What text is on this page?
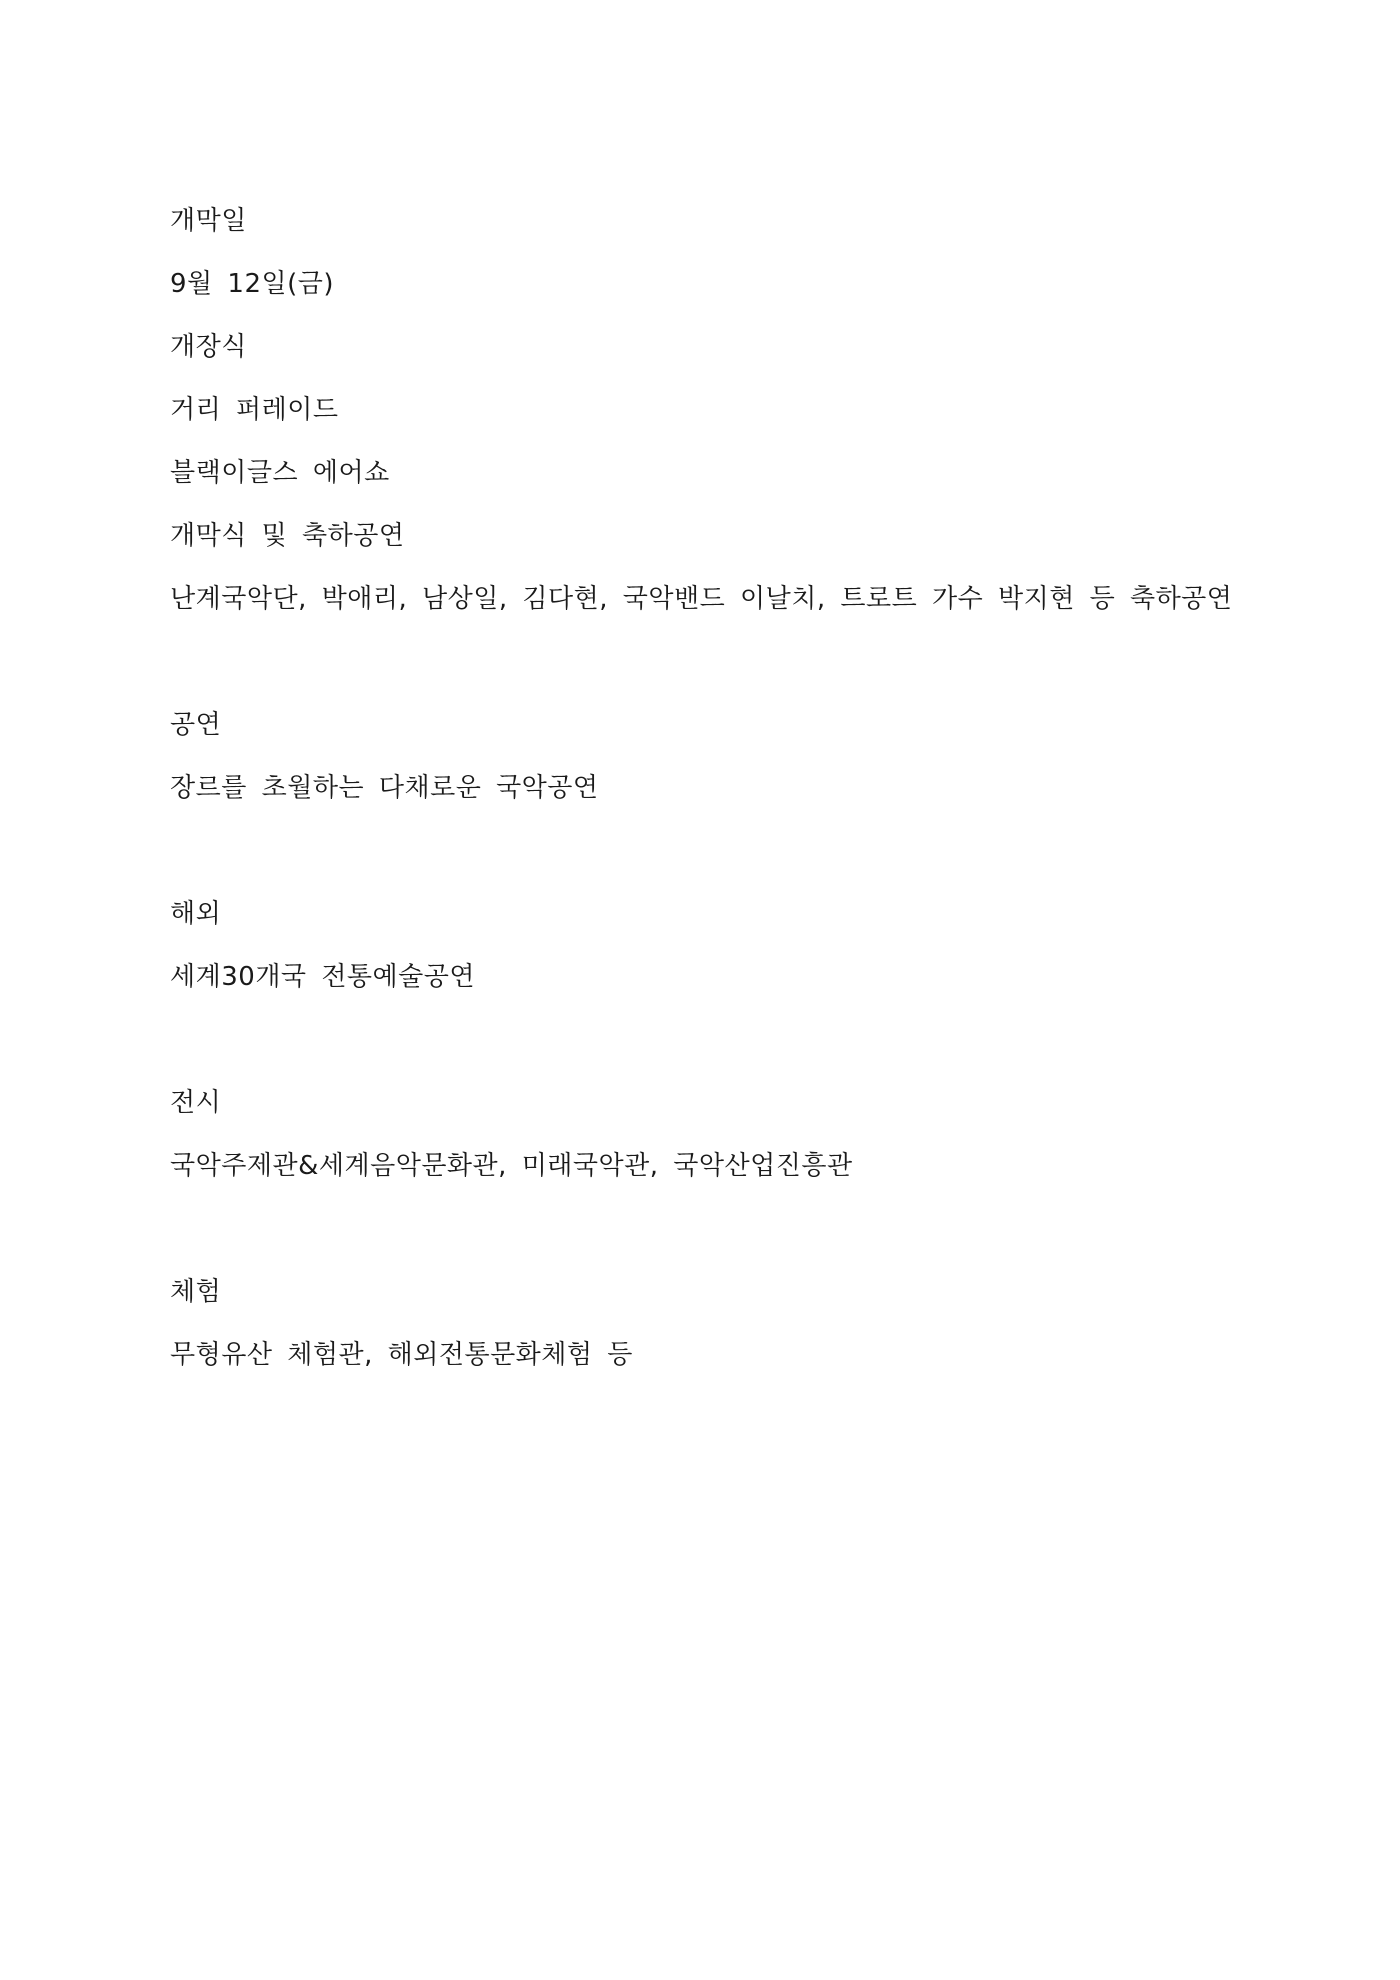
개막일
9월 12일(금)
개장식
거리 퍼레이드
블랙이글스 에어쇼
개막식 및 축하공연
난계국악단, 박애리, 남상일, 김다현, 국악밴드 이날치, 트로트 가수 박지현 등 축하공연
공연
장르를 초월하는 다채로운 국악공연
해외
세계30개국 전통예술공연
전시
국악주제관&세계음악문화관, 미래국악관, 국악산업진흥관
체험
무형유산 체험관, 해외전통문화체험 등
